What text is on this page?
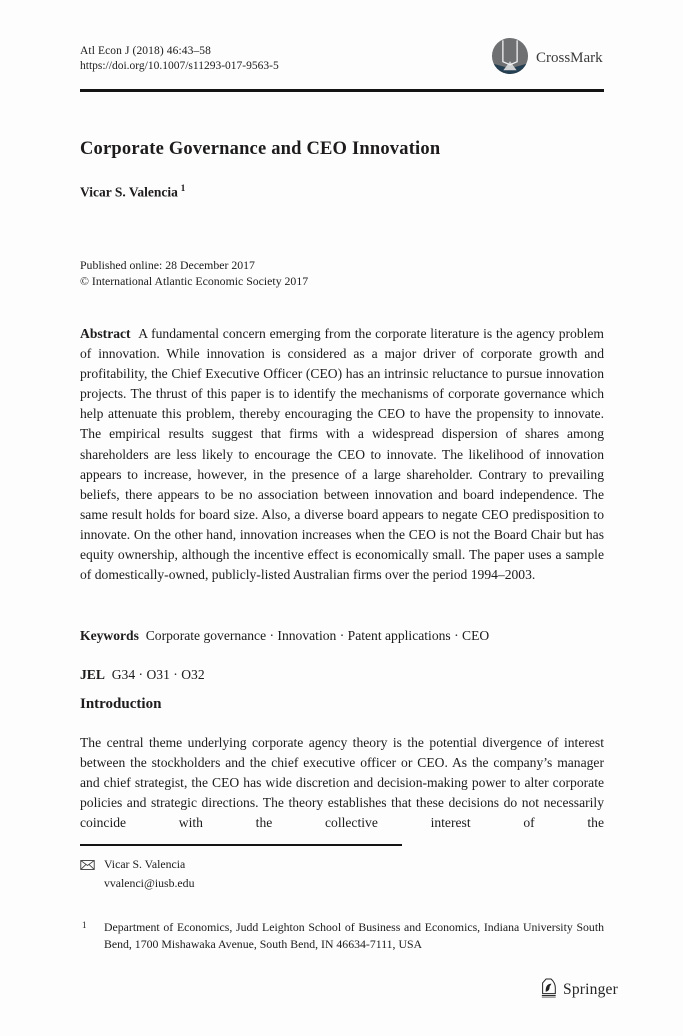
Atl Econ J (2018) 46:43–58
https://doi.org/10.1007/s11293-017-9563-5	CrossMark
Corporate Governance and CEO Innovation
Vicar S. Valencia  $^1$
Published online: 28 December 2017
© International Atlantic Economic Society 2017
Abstract A fundamental concern emerging from the corporate literature is the agency problem of innovation. While innovation is considered as a major driver of corporate growth and profitability, the Chief Executive Officer (CEO) has an intrinsic reluctance to pursue innovation projects. The thrust of this paper is to identify the mechanisms of corporate governance which help attenuate this problem, thereby encouraging the CEO to have the propensity to innovate. The empirical results suggest that firms with a widespread dispersion of shares among shareholders are less likely to encourage the CEO to innovate. The likelihood of innovation appears to increase, however, in the presence of a large shareholder. Contrary to prevailing beliefs, there appears to be no association between innovation and board independence. The same result holds for board size. Also, a diverse board appears to negate CEO predisposition to innovate. On the other hand, innovation increases when the CEO is not the Board Chair but has equity ownership, although the incentive effect is economically small. The paper uses a sample of domestically-owned, publicly-listed Australian firms over the period 1994–2003.
Keywords Corporate governance · Innovation · Patent applications · CEO
JEL G34 · O31 · O32
Introduction
The central theme underlying corporate agency theory is the potential divergence of interest between the stockholders and the chief executive officer or CEO. As the company’s manager and chief strategist, the CEO has wide discretion and decision-making power to alter corporate policies and strategic directions. The theory establishes that these decisions do not necessarily coincide with the collective interest of the
Vicar S. Valencia
vvalenci@iusb.edu
1	Department of Economics, Judd Leighton School of Business and Economics, Indiana University South Bend, 1700 Mishawaka Avenue, South Bend, IN 46634-7111, USA
Springer
